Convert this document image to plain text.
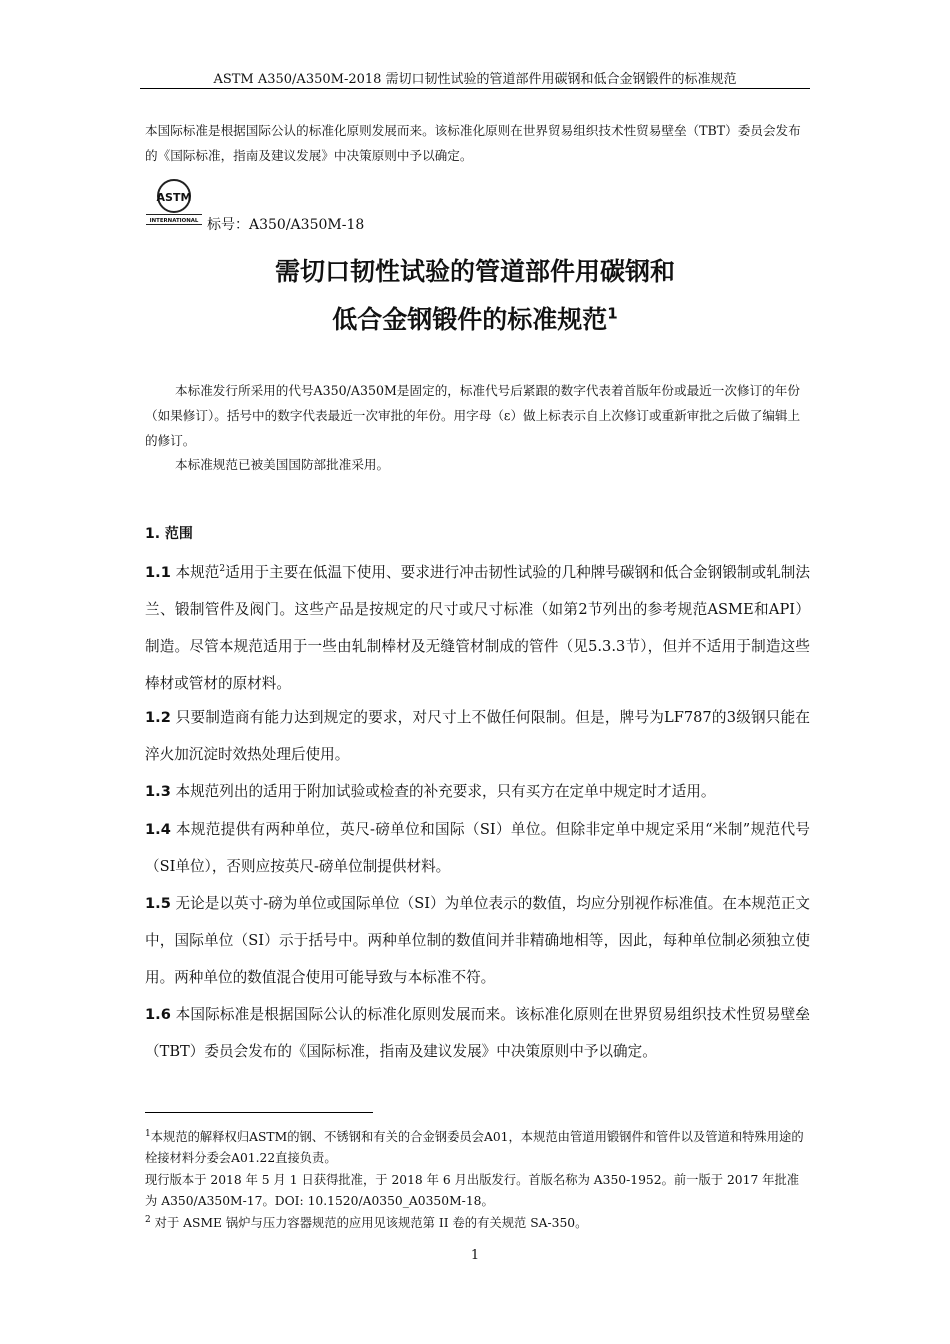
ASTM A350/A350M-2018 需切口韧性试验的管道部件用碳钢和低合金钢锻件的标准规范

本国际标准是根据国际公认的标准化原则发展而来。该标准化原则在世界贸易组织技术性贸易壁垒（TBT）委员会发布的《国际标准，指南及建议发展》中决策原则中予以确定。

ASTM
INTERNATIONAL 标号：A350/A350M-18
需切口韧性试验的管道部件用碳钢和
低合金钢锻件的标准规范$^1$

本标准发行所采用的代号A350/A350M是固定的，标准代号后紧跟的数字代表着首版年份或最近一次修订的年份（如果修订）。括号中的数字代表最近一次审批的年份。用字母（ε）做上标表示自上次修订或重新审批之后做了编辑上的修订。

本标准规范已被美国国防部批准采用。

1. 范围

1.1 本规范$^2$适用于主要在低温下使用、要求进行冲击韧性试验的几种牌号碳钢和低合金钢锻制或轧制法兰、锻制管件及阀门。这些产品是按规定的尺寸或尺寸标准（如第2节列出的参考规范ASME和API）制造。尽管本规范适用于一些由轧制棒材及无缝管材制成的管件（见5.3.3节），但并不适用于制造这些棒材或管材的原材料。

1.2 只要制造商有能力达到规定的要求，对尺寸上不做任何限制。但是，牌号为LF787的3级钢只能在淬火加沉淀时效热处理后使用。

1.3 本规范列出的适用于附加试验或检查的补充要求，只有买方在定单中规定时才适用。

1.4 本规范提供有两种单位，英尺-磅单位和国际（SI）单位。但除非定单中规定采用“米制”规范代号（SI单位），否则应按英尺-磅单位制提供材料。

1.5 无论是以英寸-磅为单位或国际单位（SI）为单位表示的数值，均应分别视作标准值。在本规范正文中，国际单位（SI）示于括号中。两种单位制的数值间并非精确地相等，因此，每种单位制必须独立使用。两种单位的数值混合使用可能导致与本标准不符。

1.6 本国际标准是根据国际公认的标准化原则发展而来。该标准化原则在世界贸易组织技术性贸易壁垒（TBT）委员会发布的《国际标准，指南及建议发展》中决策原则中予以确定。

$^1$本规范的解释权归ASTM的钢、不锈钢和有关的合金钢委员会A01，本规范由管道用锻钢件和管件以及管道和特殊用途的栓接材料分委会A01.22直接负责。

现行版本于 2018 年 5 月 1 日获得批准，于 2018 年 6 月出版发行。首版名称为 A350-1952。前一版于 2017 年批准为 A350/A350M-17。DOI: 10.1520/A0350_A0350M-18。

$^2$ 对于 ASME 锅炉与压力容器规范的应用见该规范第 II 卷的有关规范 SA-350。

1
